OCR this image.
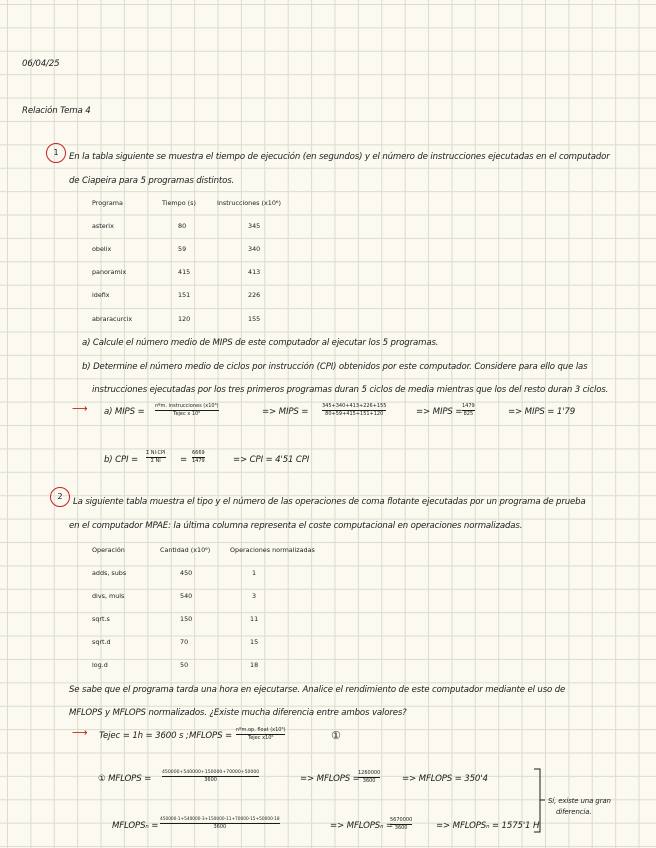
06/04/25
Relación Tema 4
1	En la tabla siguiente se muestra el tiempo de ejecución (en segundos) y el número de instrucciones ejecutadas en el computador
de Ciapeira para 5 programas distintos.
Programa	Tiempo (s)	Instrucciones (x10⁶)
asterix	80	345
obelix	59	340
panoramix	415	413
idefix	151	226
abraracurcix	120	155
a) Calcule el número medio de MIPS de este computador al ejecutar los 5 programas.
b) Determine el número medio de ciclos por instrucción (CPI) obtenidos por este computador. Considere para ello que las
instrucciones ejecutadas por los tres primeros programas duran 5 ciclos de media mientras que los del resto duran 3 ciclos.
⟶ a) MIPS =
nºm. instrucciones (x10⁶)
Tejec x 10⁶	=> MIPS =	$\frac{345+340+413+226+155}{80+59+415+151+120}$	=> MIPS = $\frac{1479}{825}$	=> MIPS = 1'79
b) CPI =
Σ NI·CPI
Σ NI	= $\frac{6669}{1479}$	=> CPI = 4'51 CPI
2
La siguiente tabla muestra el tipo y el número de las operaciones de coma flotante ejecutadas por un programa de prueba
en el computador MPAE: la última columna representa el coste computacional en operaciones normalizadas.
Operación	Cantidad (x10⁶)	Operaciones normalizadas
adds, subs	450	1
divs, muls	540	3
sqrt.s	150	11
sqrt.d	70	15
log.d	50	18
Se sabe que el programa tarda una hora en ejecutarse. Analice el rendimiento de este computador mediante el uso de
MFLOPS y MFLOPS normalizados. ¿Existe mucha diferencia entre ambos valores?
⟶ Tejec = 1h = 3600 s ; MFLOPS =
nºm.op. float (x10⁶)
Tejec x10⁶	①
① MFLOPS = $\frac{450000+540000+150000+70000+50000}{3600}$	=> MFLOPS =
$\frac{1260000}{3600}$	=> MFLOPS = 350'4
MFLOPSₙ = $\frac{450000\cdot 1+540000\cdot 3+150000\cdot 11+70000\cdot 15+50000\cdot 18}{3600}$	=> MFLOPSₙ =
$\frac{5670000}{3600}$	=> MFLOPSₙ = 1575'1 H
Sí, existe una gran
diferencia.
